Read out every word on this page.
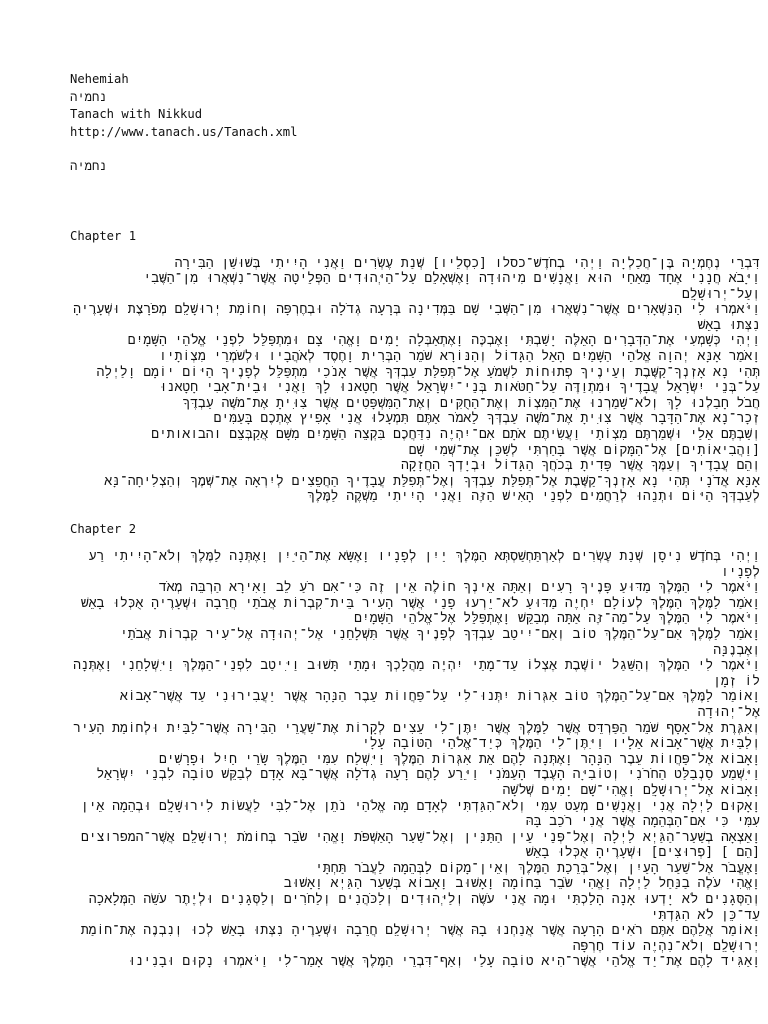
Nehemiah
נחמיה
Tanach with Nikkud
http://www.tanach.us/Tanach.xml
נחמיה
Chapter 1

דִּבְרֵי נְחֶמְיָה בֶּן־חֲכַלְיָה וַיְהִי בְחֹדֶשׁ־כסלו [כִסְלֵיו] שְׁנַת עֶשְׂרִים וַאֲנִי הָיִיתִי בְּשׁוּשַׁן הַבִּירָה

וַיָּבֹא חֲנָנִי אֶחָד מֵאַחַי הוּא וַאֲנָשִׁים מִיהוּדָה וָאֶשְׁאָלֵם עַל־הַיְּהוּדִים הַפְּלֵיטָה אֲשֶׁר־נִשְׁאֲרוּ מִן־הַשֶּׁבִי וְעַל־יְרוּשָׁלִָם

וַיֹּאמְרוּ לִי הַנִּשְׁאָרִים אֲשֶׁר־נִשְׁאֲרוּ מִן־הַשְּׁבִי שָׁם בַּמְּדִינָה בְּרָעָה גְדֹלָה וּבְחֶרְפָּה וְחוֹמַת יְרוּשָׁלִַם מְפֹרָצֶת וּשְׁעָרֶיהָ נִצְּתוּ בָאֵשׁ

וַיְהִי כְּשָׁמְעִי אֶת־הַדְּבָרִים הָאֵלֶּה יָשַׁבְתִּי וָאֶבְכֶּה וָאֶתְאַבְּלָה יָמִים וָאֱהִי צָם וּמִתְפַּלֵּל לִפְנֵי אֱלֹהֵי הַשָּׁמָיִם

וָאֹמַר אָנָּא יְהוָה אֱלֹהֵי הַשָּׁמַיִם הָאֵל הַגָּדוֹל וְהַנּוֹרָא שֹׁמֵר הַבְּרִית וָחֶסֶד לְאֹהֲבָיו וּלְשֹׁמְרֵי מִצְוֹתָיו

תְּהִי נָא אָזְנְךָ־קַשֶּׁבֶת וְעֵינֶיךָ פְתוּחוֹת לִשְׁמֹעַ אֶל־תְּפִלַּת עַבְדְּךָ אֲשֶׁר אָנֹכִי מִתְפַּלֵּל לְפָנֶיךָ הַיּוֹם יוֹמָם וָלַיְלָה עַל־בְּנֵי יִשְׂרָאֵל עֲבָדֶיךָ וּמִתְוַדֶּה עַל־חַטֹּאות בְּנֵי־יִשְׂרָאֵל אֲשֶׁר חָטָאנוּ לָךְ וַאֲנִי וּבֵית־אָבִי חָטָאנוּ

חֲבֹל חָבַלְנוּ לָךְ וְלֹא־שָׁמַרְנוּ אֶת־הַמִּצְוֹת וְאֶת־הַחֻקִּים וְאֶת־הַמִּשְׁפָּטִים אֲשֶׁר צִוִּיתָ אֶת־מֹשֶׁה עַבְדֶּךָ

זְכָר־נָא אֶת־הַדָּבָר אֲשֶׁר צִוִּיתָ אֶת־מֹשֶׁה עַבְדְּךָ לֵאמֹר אַתֶּם תִּמְעָלוּ אֲנִי אָפִיץ אֶתְכֶם בָּעַמִּים

וְשַׁבְתֶּם אֵלַי וּשְׁמַרְתֶּם מִצְוֹתַי וַעֲשִׂיתֶם אֹתָם אִם־יִהְיֶה נִדַּחֲכֶם בִּקְצֵה הַשָּׁמַיִם מִשָּׁם אֲקַבְּצֵם והבואותים [וַהֲבִיאוֹתִים] אֶל־הַמָּקוֹם אֲשֶׁר בָּחַרְתִּי לְשַׁכֵּן אֶת־שְׁמִי שָׁם

וְהֵם עֲבָדֶיךָ וְעַמֶּךָ אֲשֶׁר פָּדִיתָ בְּכֹחֲךָ הַגָּדוֹל וּבְיָדְךָ הַחֲזָקָה

אָנָּא אֲדֹנָי תְּהִי נָא אָזְנְךָ־קַשֶּׁבֶת אֶל־תְּפִלַּת עַבְדְּךָ וְאֶל־תְּפִלַּת עֲבָדֶיךָ הַחֲפֵצִים לְיִרְאָה אֶת־שְׁמֶךָ וְהַצְלִיחָה־נָּא לְעַבְדְּךָ הַיּוֹם וּתְנֵהוּ לְרַחֲמִים לִפְנֵי הָאִישׁ הַזֶּה וַאֲנִי הָיִיתִי מַשְׁקֶה לַמֶּלֶךְ

Chapter 2

וַיְהִי בְּחֹדֶשׁ נִיסָן שְׁנַת עֶשְׂרִים לְאַרְתַּחְשַׁסְתְּא הַמֶּלֶךְ יַיִן לְפָנָיו וָאֶשָּׂא אֶת־הַיַּיִן וָאֶתְּנָה לַמֶּלֶךְ וְלֹא־הָיִיתִי רַע לְפָנָיו

וַיֹּאמֶר לִי הַמֶּלֶךְ מַדּוּעַ פָּנֶיךָ רָעִים וְאַתָּה אֵינְךָ חוֹלֶה אֵין זֶה כִּי־אִם רֹעַ לֵב וָאִירָא הַרְבֵּה מְאֹד

וָאֹמַר לַמֶּלֶךְ הַמֶּלֶךְ לְעוֹלָם יִחְיֶה מַדּוּעַ לֹא־יֵרְעוּ פָנַי אֲשֶׁר הָעִיר בֵּית־קִבְרוֹת אֲבֹתַי חֲרֵבָה וּשְׁעָרֶיהָ אֻכְּלוּ בָאֵשׁ

וַיֹּאמֶר לִי הַמֶּלֶךְ עַל־מַה־זֶּה אַתָּה מְבַקֵּשׁ וָאֶתְפַּלֵּל אֶל־אֱלֹהֵי הַשָּׁמָיִם

וָאֹמַר לַמֶּלֶךְ אִם־עַל־הַמֶּלֶךְ טוֹב וְאִם־יִיטַב עַבְדְּךָ לְפָנֶיךָ אֲשֶׁר תִּשְׁלָחֵנִי אֶל־יְהוּדָה אֶל־עִיר קִבְרוֹת אֲבֹתַי וְאֶבְנֶנָּה

וַיֹּאמֶר לִי הַמֶּלֶךְ וְהַשֵּׁגַל יוֹשֶׁבֶת אֶצְלוֹ עַד־מָתַי יִהְיֶה מַהֲלָכְךָ וּמָתַי תָּשׁוּב וַיִּיטַב לִפְנֵי־הַמֶּלֶךְ וַיִּשְׁלָחֵנִי וָאֶתְּנָה לוֹ זְמָן

וָאוֹמַר לַמֶּלֶךְ אִם־עַל־הַמֶּלֶךְ טוֹב אִגְּרוֹת יִתְּנוּ־לִי עַל־פַּחֲווֹת עֵבֶר הַנָּהָר אֲשֶׁר יַעֲבִירוּנִי עַד אֲשֶׁר־אָבוֹא אֶל־יְהוּדָה

וְאִגֶּרֶת אֶל־אָסָף שֹׁמֵר הַפַּרְדֵּס אֲשֶׁר לַמֶּלֶךְ אֲשֶׁר יִתֶּן־לִי עֵצִים לְקָרוֹת אֶת־שַׁעֲרֵי הַבִּירָה אֲשֶׁר־לַבַּיִת וּלְחוֹמַת הָעִיר וְלַבַּיִת אֲשֶׁר־אָבוֹא אֵלָיו וַיִּתֶּן־לִי הַמֶּלֶךְ כְּיַד־אֱלֹהַי הַטּוֹבָה עָלָי

וָאָבוֹא אֶל־פַּחֲווֹת עֵבֶר הַנָּהָר וָאֶתְּנָה לָהֶם אֵת אִגְּרוֹת הַמֶּלֶךְ וַיִּשְׁלַח עִמִּי הַמֶּלֶךְ שָׂרֵי חַיִל וּפָרָשִׁים

וַיִּשְׁמַע סַנְבַלַּט הַחֹרֹנִי וְטוֹבִיָּה הָעֶבֶד הָעַמֹּנִי וַיֵּרַע לָהֶם רָעָה גְדֹלָה אֲשֶׁר־בָּא אָדָם לְבַקֵּשׁ טוֹבָה לִבְנֵי יִשְׂרָאֵל

וָאָבוֹא אֶל־יְרוּשָׁלִָם וָאֱהִי־שָׁם יָמִים שְׁלֹשָׁה

וָאָקוּם לַיְלָה אֲנִי וַאֲנָשִׁים מְעַט עִמִּי וְלֹא־הִגַּדְתִּי לְאָדָם מָה אֱלֹהַי נֹתֵן אֶל־לִבִּי לַעֲשׂוֹת לִירוּשָׁלִָם וּבְהֵמָה אֵין עִמִּי כִּי אִם־הַבְּהֵמָה אֲשֶׁר אֲנִי רֹכֵב בָּהּ

וָאֵצְאָה בְשַׁעַר־הַגַּיְא לַיְלָה וְאֶל־פְּנֵי עֵין הַתַּנִּין וְאֶל־שַׁעַר הָאַשְׁפֹּת וָאֱהִי שֹׂבֵר בְּחוֹמֹת יְרוּשָׁלִַם אֲשֶׁר־המפרוצים [הֵם ] [פְרוּצִים] וּשְׁעָרֶיהָ אֻכְּלוּ בָאֵשׁ

וָאֶעֱבֹר אֶל־שַׁעַר הָעַיִן וְאֶל־בְּרֵכַת הַמֶּלֶךְ וְאֵין־מָקוֹם לַבְּהֵמָה לַעֲבֹר תַּחְתָּי

וָאֱהִי עֹלֶה בַנַּחַל לַיְלָה וָאֱהִי שֹׂבֵר בַּחוֹמָה וָאָשׁוּב וָאָבוֹא בְּשַׁעַר הַגַּיְא וָאָשׁוּב

וְהַסְּגָנִים לֹא יָדְעוּ אָנָה הָלַכְתִּי וּמָה אֲנִי עֹשֶׂה וְלַיְּהוּדִים וְלַכֹּהֲנִים וְלַחֹרִים וְלַסְּגָנִים וּלְיֶתֶר עֹשֵׂה הַמְּלָאכָה עַד־כֵּן לֹא הִגַּדְתִּי

וָאוֹמַר אֲלֵהֶם אַתֶּם רֹאִים הָרָעָה אֲשֶׁר אֲנַחְנוּ בָהּ אֲשֶׁר יְרוּשָׁלִַם חֲרֵבָה וּשְׁעָרֶיהָ נִצְּתוּ בָאֵשׁ לְכוּ וְנִבְנֶה אֶת־חוֹמַת יְרוּשָׁלִַם וְלֹא־נִהְיֶה עוֹד חֶרְפָּה

וָאַגִּיד לָהֶם אֶת־יַד אֱלֹהַי אֲשֶׁר־הִיא טוֹבָה עָלַי וְאַף־דִּבְרֵי הַמֶּלֶךְ אֲשֶׁר אָמַר־לִי וַיֹּאמְרוּ נָקוּם וּבָנִינוּ
